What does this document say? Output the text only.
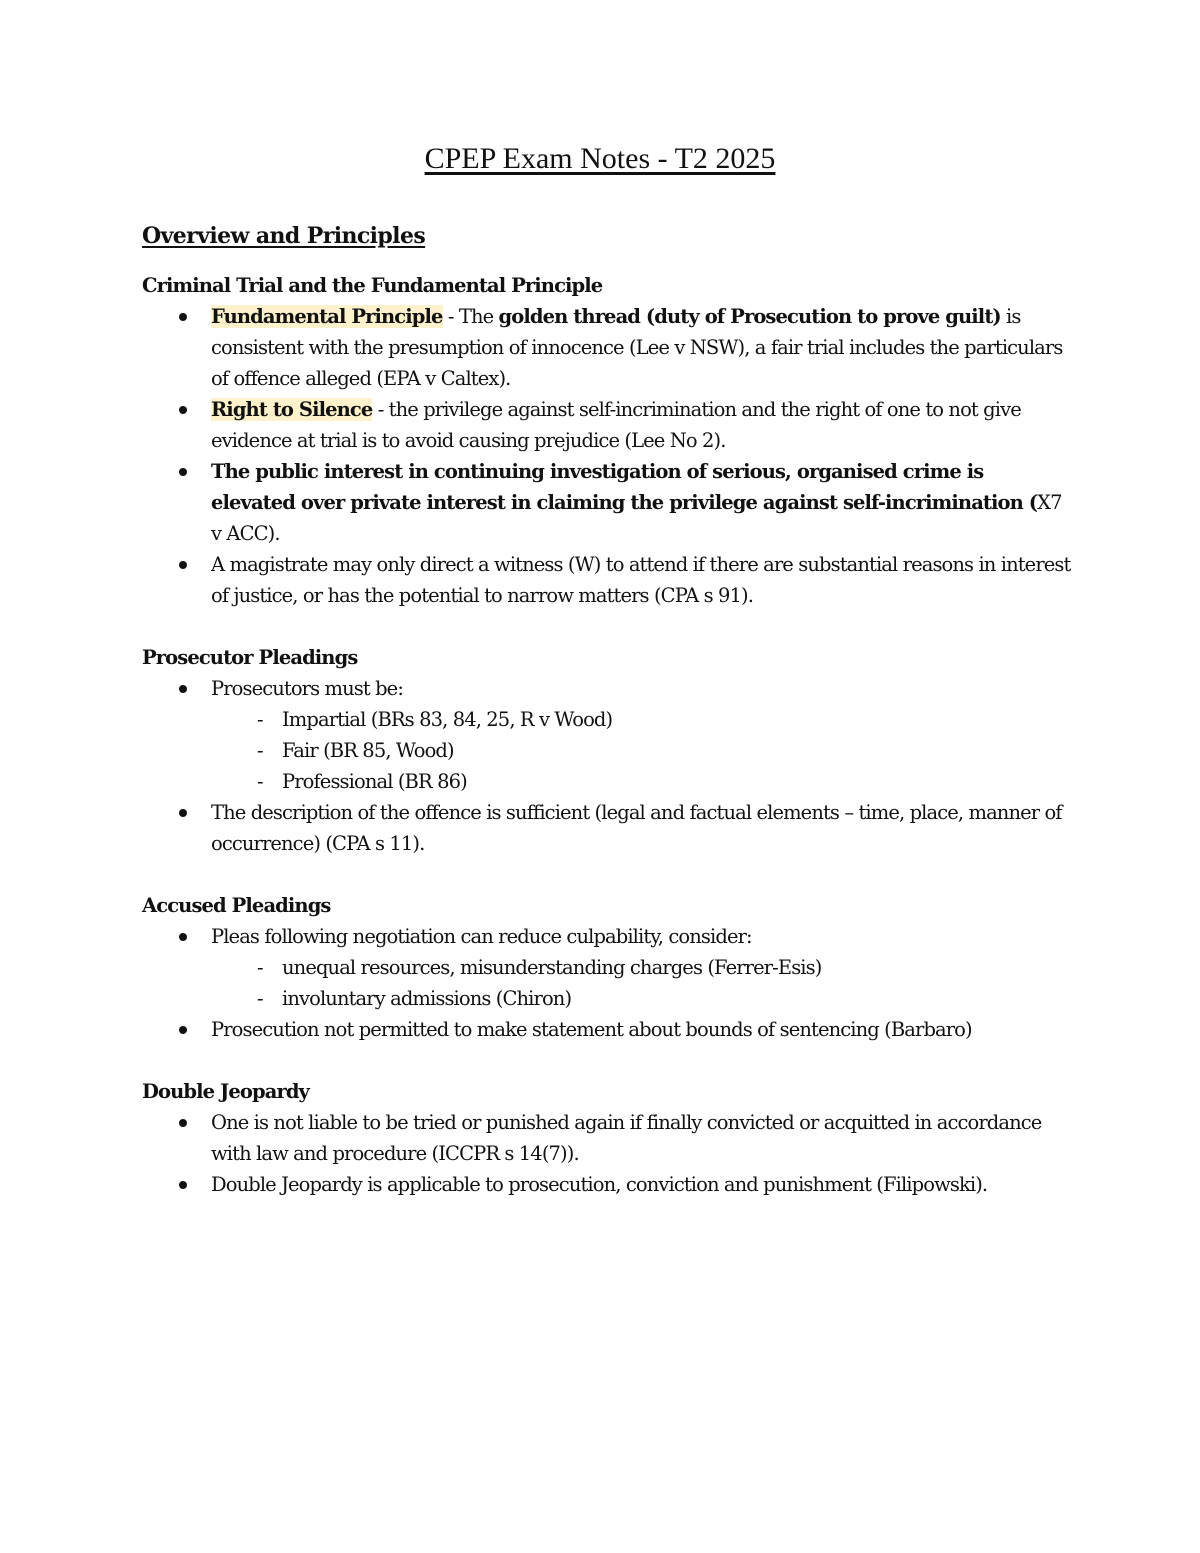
CPEP Exam Notes - T2 2025
Overview and Principles
Criminal Trial and the Fundamental Principle
Fundamental Principle - The golden thread (duty of Prosecution to prove guilt) is consistent with the presumption of innocence (Lee v NSW), a fair trial includes the particulars of offence alleged (EPA v Caltex).
Right to Silence - the privilege against self-incrimination and the right of one to not give evidence at trial is to avoid causing prejudice (Lee No 2).
The public interest in continuing investigation of serious, organised crime is elevated over private interest in claiming the privilege against self-incrimination (X7 v ACC).
A magistrate may only direct a witness (W) to attend if there are substantial reasons in interest of justice, or has the potential to narrow matters (CPA s 91).
Prosecutor Pleadings
Prosecutors must be:
- Impartial (BRs 83, 84, 25, R v Wood)
- Fair (BR 85, Wood)
- Professional (BR 86)
The description of the offence is sufficient (legal and factual elements – time, place, manner of occurrence) (CPA s 11).
Accused Pleadings
Pleas following negotiation can reduce culpability, consider:
- unequal resources, misunderstanding charges (Ferrer-Esis)
- involuntary admissions (Chiron)
Prosecution not permitted to make statement about bounds of sentencing (Barbaro)
Double Jeopardy
One is not liable to be tried or punished again if finally convicted or acquitted in accordance with law and procedure (ICCPR s 14(7)).
Double Jeopardy is applicable to prosecution, conviction and punishment (Filipowski).
